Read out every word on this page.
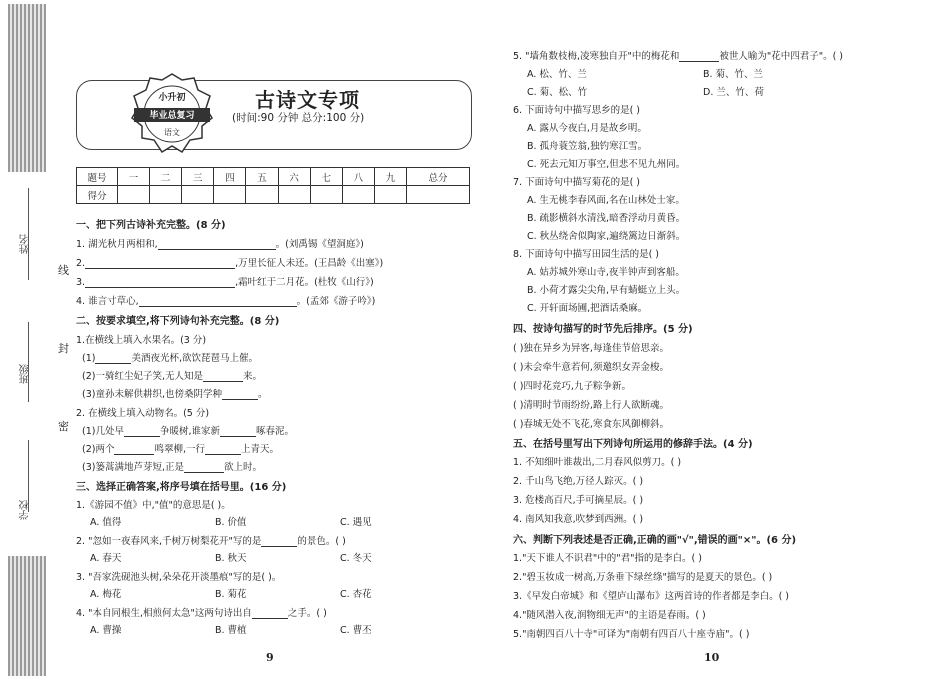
姓名
班级
学校
线
封
密
小升初
毕业总复习
语文
古诗文专项
(时间:90 分钟 总分:100 分)
题号	一	二	三	四	五	六	七	八	九	总分
得分										
一、把下列古诗补充完整。(8 分)
1. 湖光秋月两相和,	。(刘禹锡《望洞庭》)
2.	,万里长征人未还。(王昌龄《出塞》)
3.	,霜叶红于二月花。(杜牧《山行》)
4. 谁言寸草心,	。(孟郊《游子吟》)
二、按要求填空,将下列诗句补充完整。(8 分)
1.在横线上填入水果名。(3 分)
(1)	美酒夜光杯,欲饮琵琶马上催。
(2)一骑红尘妃子笑,无人知是	来。
(3)童孙未解供耕织,也傍桑阴学种	。
2. 在横线上填入动物名。(5 分)
(1)几处早	争暖树,谁家新	啄春泥。
(2)两个	鸣翠柳,一行	上青天。
(3)篓蒿满地芦芽短,正是	欲上时。
三、选择正确答案,将序号填在括号里。(16 分)
1.《游园不值》中,"值"的意思是( )。
A. 值得	B. 价值	C. 遇见
2. "忽如一夜春风来,千树万树梨花开"写的是	的景色。( )
A. 春天	B. 秋天	C. 冬天
3. "吾家洗砚池头树,朵朵花开淡墨痕"写的是( )。
A. 梅花	B. 菊花	C. 杏花
4. "本自同根生,相煎何太急"这两句诗出自	之手。( )
A. 曹操	B. 曹植	C. 曹丕
9
5. "墙角数枝梅,凌寒独自开"中的梅花和	被世人喻为"花中四君子"。( )
A. 松、竹、兰	B. 菊、竹、兰
C. 菊、松、竹	D. 兰、竹、荷
6. 下面诗句中描写思乡的是( )
A. 露从今夜白,月是故乡明。
B. 孤舟蓑笠翁,独钓寒江雪。
C. 死去元知万事空,但悲不见九州同。
7. 下面诗句中描写菊花的是( )
A. 生无桃李春风面,名在山林处士家。
B. 疏影横斜水清浅,暗香浮动月黄昏。
C. 秋丛绕舍似陶家,遍绕篱边日渐斜。
8. 下面诗句中描写田园生活的是( )
A. 姑苏城外寒山寺,夜半钟声到客船。
B. 小荷才露尖尖角,早有蜻蜓立上头。
C. 开轩面场圃,把酒话桑麻。
四、按诗句描写的时节先后排序。(5 分)
( )独在异乡为异客,每逢佳节倍思亲。
( )未会牵牛意若何,须邀织女弄金梭。
( )四时花竞巧,九子粽争新。
( )清明时节雨纷纷,路上行人欲断魂。
( )春城无处不飞花,寒食东风御柳斜。
五、在括号里写出下列诗句所运用的修辞手法。(4 分)
1. 不知细叶谁裁出,二月春风似剪刀。( )
2. 千山鸟飞绝,万径人踪灭。( )
3. 危楼高百尺,手可摘星辰。( )
4. 南风知我意,吹梦到西洲。( )
六、判断下列表述是否正确,正确的画"√",错误的画"×"。(6 分)
1."天下谁人不识君"中的"君"指的是李白。( )
2."碧玉妆成一树高,万条垂下绿丝绦"描写的是夏天的景色。( )
3.《早发白帝城》和《望庐山瀑布》这两首诗的作者都是李白。( )
4."随风潜入夜,润物细无声"的主语是春雨。( )
5."南朝四百八十寺"可译为"南朝有四百八十座寺庙"。( )
10
